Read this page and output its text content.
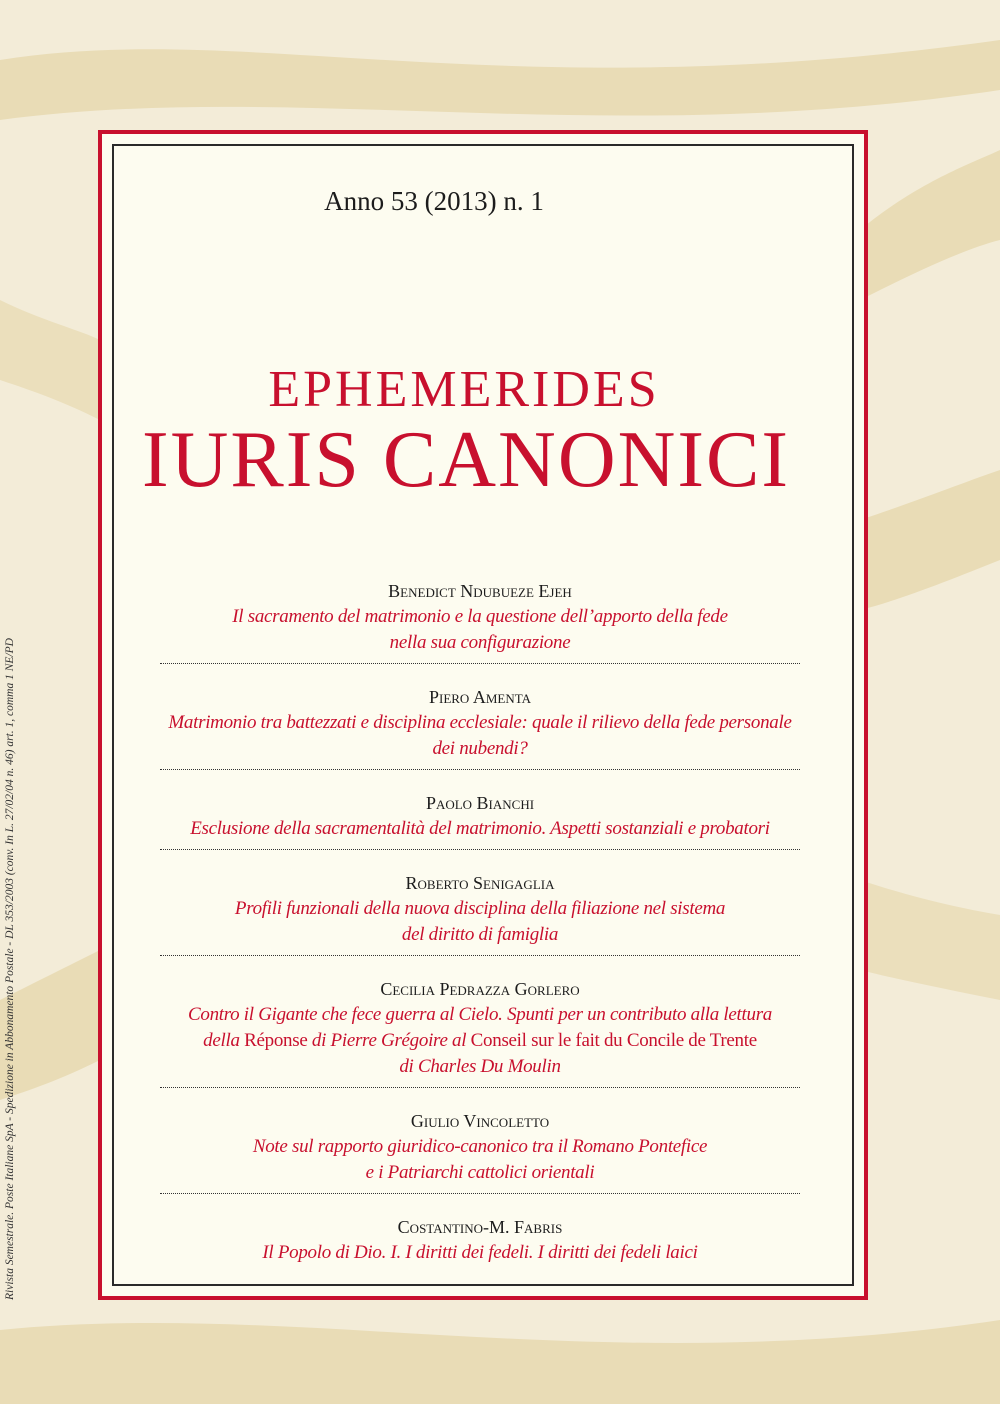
Rivista Semestrale. Poste Italiane SpA - Spedizione in Abbonamento Postale - DL 353/2003 (conv. In L. 27/02/04 n. 46) art. 1, comma 1 NE/PD
Anno 53 (2013) n. 1
EPHEMERIDES
IURIS CANONICI
Benedict Ndubueze Ejeh
Il sacramento del matrimonio e la questione dell’apporto della fede
nella sua configurazione
Piero Amenta
Matrimonio tra battezzati e disciplina ecclesiale: quale il rilievo della fede personale
dei nubendi?
Paolo Bianchi
Esclusione della sacramentalità del matrimonio. Aspetti sostanziali e probatori
Roberto Senigaglia
Profili funzionali della nuova disciplina della filiazione nel sistema
del diritto di famiglia
Cecilia Pedrazza Gorlero
Contro il Gigante che fece guerra al Cielo. Spunti per un contributo alla lettura
della Réponse di Pierre Grégoire al Conseil sur le fait du Concile de Trente
di Charles Du Moulin
Giulio Vincoletto
Note sul rapporto giuridico-canonico tra il Romano Pontefice
e i Patriarchi cattolici orientali
Costantino-M. Fabris
Il Popolo di Dio. I. I diritti dei fedeli. I diritti dei fedeli laici
